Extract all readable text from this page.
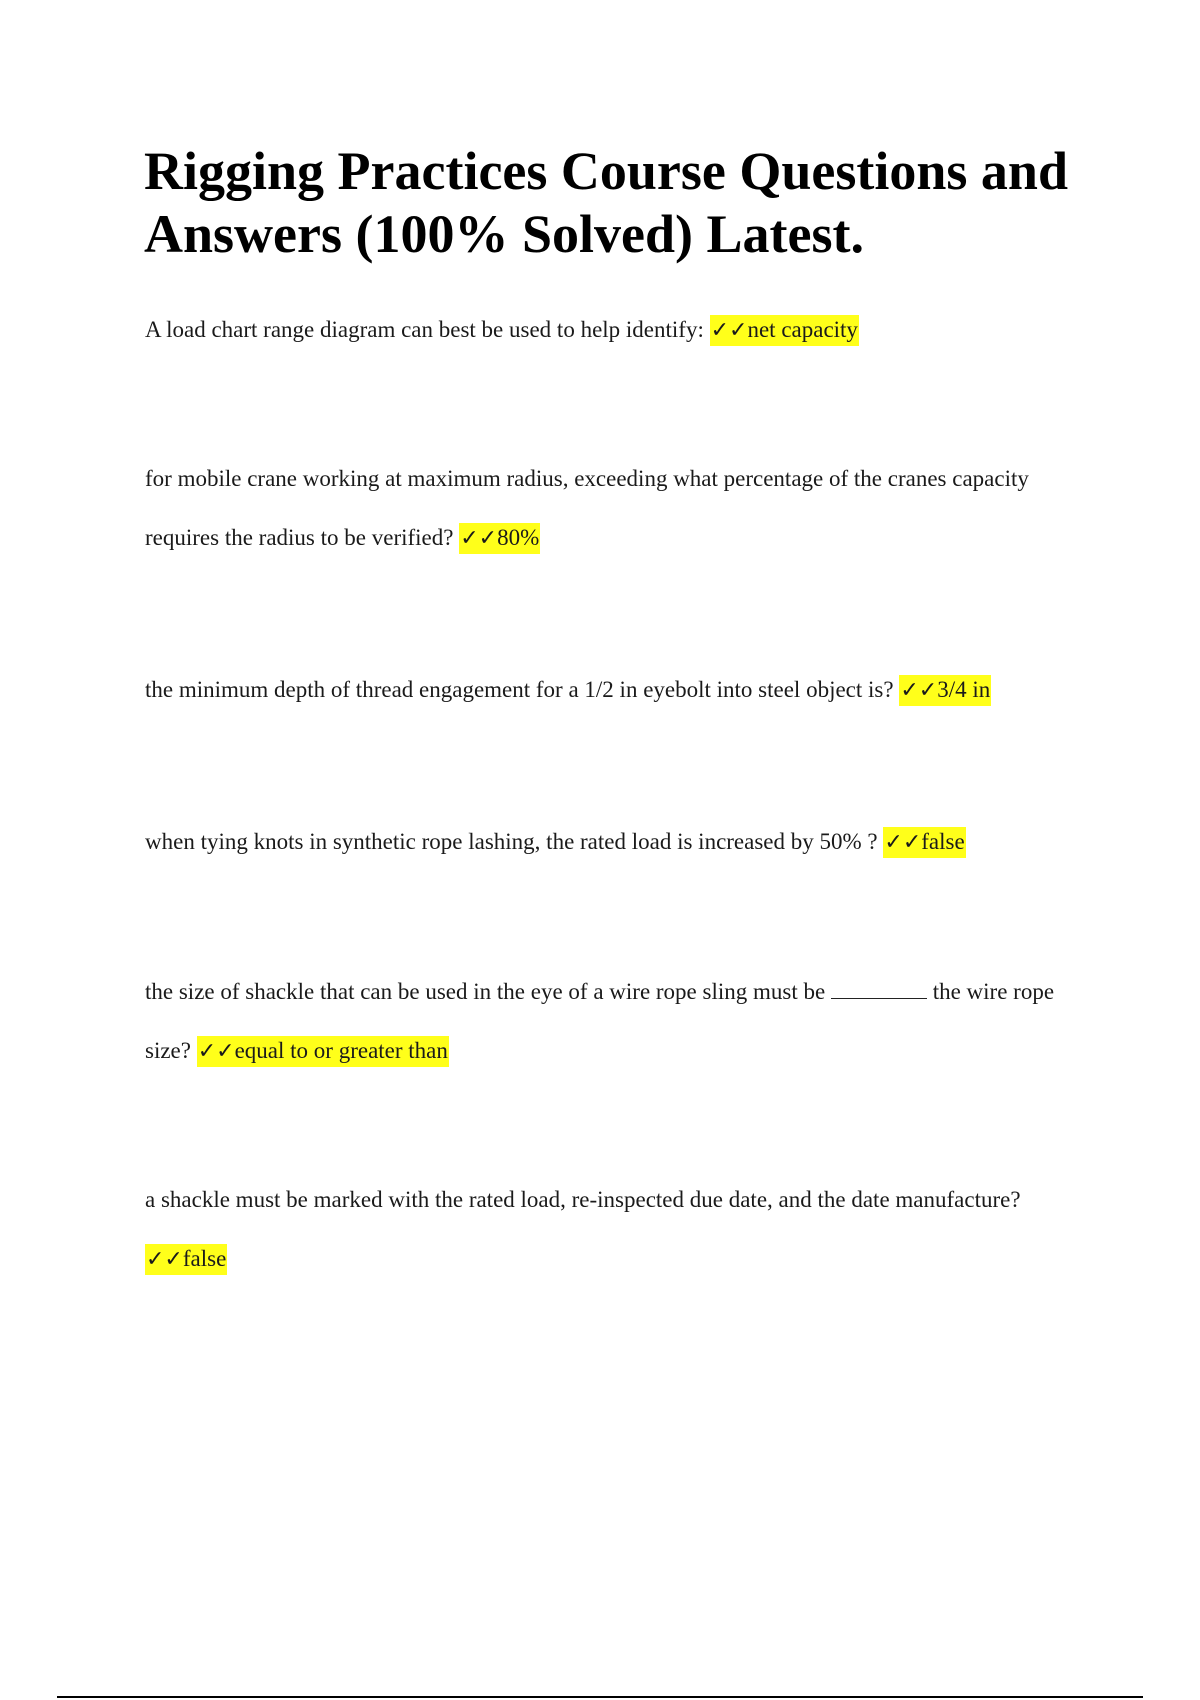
Rigging Practices Course Questions and Answers (100% Solved) Latest.

A load chart range diagram can best be used to help identify: ✓✓net capacity

for mobile crane working at maximum radius, exceeding what percentage of the cranes capacity requires the radius to be verified? ✓✓80%

the minimum depth of thread engagement for a 1/2 in eyebolt into steel object is? ✓✓3/4 in

when tying knots in synthetic rope lashing, the rated load is increased by 50% ? ✓✓false

the size of shackle that can be used in the eye of a wire rope sling must be	the wire rope size? ✓✓equal to or greater than

a shackle must be marked with the rated load, re-inspected due date, and the date manufacture? ✓✓false
